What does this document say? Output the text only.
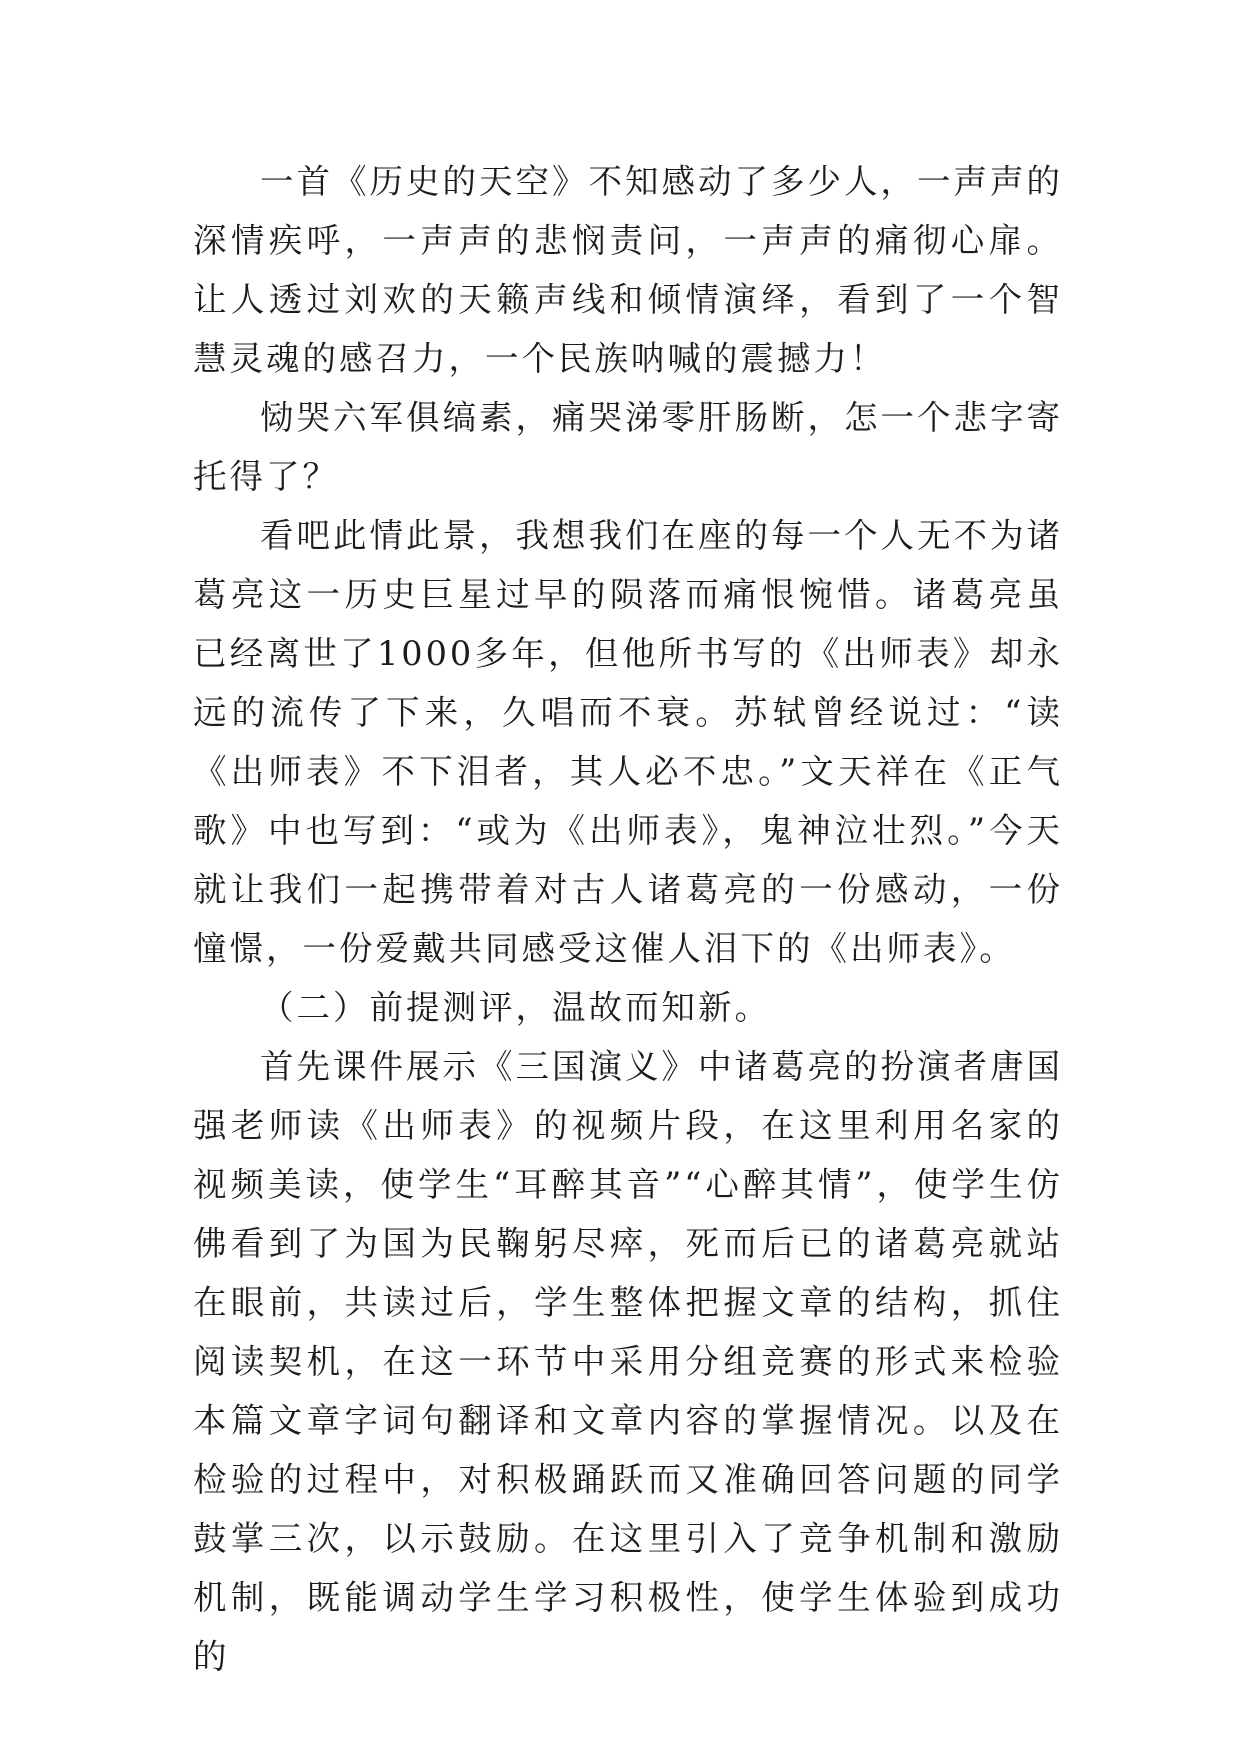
一首《历史的天空》不知感动了多少人，一声声的深情疾呼，一声声的悲悯责问，一声声的痛彻心扉。让人透过刘欢的天籁声线和倾情演绎，看到了一个智慧灵魂的感召力，一个民族呐喊的震撼力！

恸哭六军俱缟素，痛哭涕零肝肠断，怎一个悲字寄托得了？

看吧此情此景，我想我们在座的每一个人无不为诸葛亮这一历史巨星过早的陨落而痛恨惋惜。诸葛亮虽已经离世了1000多年，但他所书写的《出师表》却永远的流传了下来，久唱而不衰。苏轼曾经说过：“读《出师表》不下泪者，其人必不忠。”文天祥在《正气歌》中也写到：“或为《出师表》，鬼神泣壮烈。”今天就让我们一起携带着对古人诸葛亮的一份感动，一份憧憬，一份爱戴共同感受这催人泪下的《出师表》。

（二）前提测评，温故而知新。

首先课件展示《三国演义》中诸葛亮的扮演者唐国强老师读《出师表》的视频片段，在这里利用名家的视频美读，使学生“耳醉其音”“心醉其情”，使学生仿佛看到了为国为民鞠躬尽瘁，死而后已的诸葛亮就站在眼前，共读过后，学生整体把握文章的结构，抓住阅读契机，在这一环节中采用分组竞赛的形式来检验本篇文章字词句翻译和文章内容的掌握情况。以及在检验的过程中，对积极踊跃而又准确回答问题的同学鼓掌三次，以示鼓励。在这里引入了竞争机制和激励机制，既能调动学生学习积极性，使学生体验到成功的
